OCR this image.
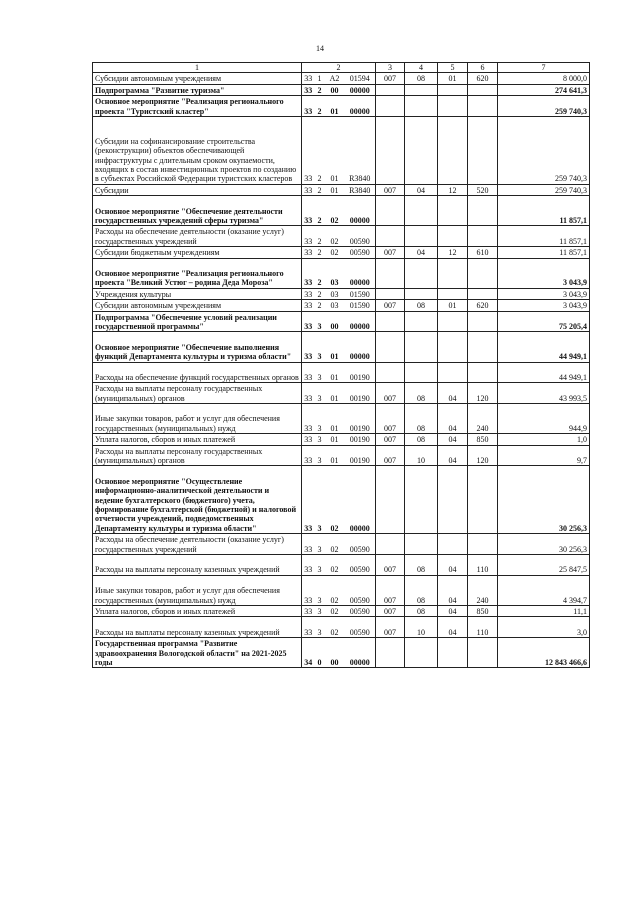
14
1	2				3	4	5	6	7
Субсидии автономным учреждениям	33	1	А2	01594	007	08	01	620	8 000,0
Подпрограмма "Развитие туризма"	33	2	00	00000					274 641,3
Основное мероприятие "Реализация регионального проекта "Туристский кластер"	33	2	01	00000					259 740,3
Субсидии на софинансирование строительства (реконструкции) объектов обеспечивающей инфраструктуры с длительным сроком окупаемости, входящих в состав инвестиционных проектов по созданию в субъектах Российской Федерации туристских кластеров	33	2	01	R3840					259 740,3
Субсидии	33	2	01	R3840	007	04	12	520	259 740,3
Основное мероприятие "Обеспечение деятельности государственных учреждений сферы туризма"	33	2	02	00000					11 857,1
Расходы на обеспечение деятельности (оказание услуг) государственных учреждений	33	2	02	00590					11 857,1
Субсидии бюджетным учреждениям	33	2	02	00590	007	04	12	610	11 857,1
Основное мероприятие "Реализация регионального проекта "Великий Устюг – родина Деда Мороза"	33	2	03	00000					3 043,9
Учреждения культуры	33	2	03	01590					3 043,9
Субсидии автономным учреждениям	33	2	03	01590	007	08	01	620	3 043,9
Подпрограмма "Обеспечение условий реализации государственной программы"	33	3	00	00000					75 205,4
Основное мероприятие "Обеспечение выполнения функций Департамента культуры и туризма области"	33	3	01	00000					44 949,1
Расходы на обеспечение функций государственных органов	33	3	01	00190					44 949,1
Расходы на выплаты персоналу государственных (муниципальных) органов	33	3	01	00190	007	08	04	120	43 993,5
Иные закупки товаров, работ и услуг для обеспечения государственных (муниципальных) нужд	33	3	01	00190	007	08	04	240	944,9
Уплата налогов, сборов и иных платежей	33	3	01	00190	007	08	04	850	1,0
Расходы на выплаты персоналу государственных (муниципальных) органов	33	3	01	00190	007	10	04	120	9,7
Основное мероприятие "Осуществление информационно-аналитической деятельности и ведение бухгалтерского (бюджетного) учета, формирование бухгалтерской (бюджетной) и налоговой отчетности учреждений, подведомственных Департаменту культуры и туризма области"	33	3	02	00000					30 256,3
Расходы на обеспечение деятельности (оказание услуг) государственных учреждений	33	3	02	00590					30 256,3
Расходы на выплаты персоналу казенных учреждений	33	3	02	00590	007	08	04	110	25 847,5
Иные закупки товаров, работ и услуг для обеспечения государственных (муниципальных) нужд	33	3	02	00590	007	08	04	240	4 394,7
Уплата налогов, сборов и иных платежей	33	3	02	00590	007	08	04	850	11,1
Расходы на выплаты персоналу казенных учреждений	33	3	02	00590	007	10	04	110	3,0
Государственная программа "Развитие здравоохранения Вологодской области" на 2021-2025 годы	34	0	00	00000					12 843 466,6
